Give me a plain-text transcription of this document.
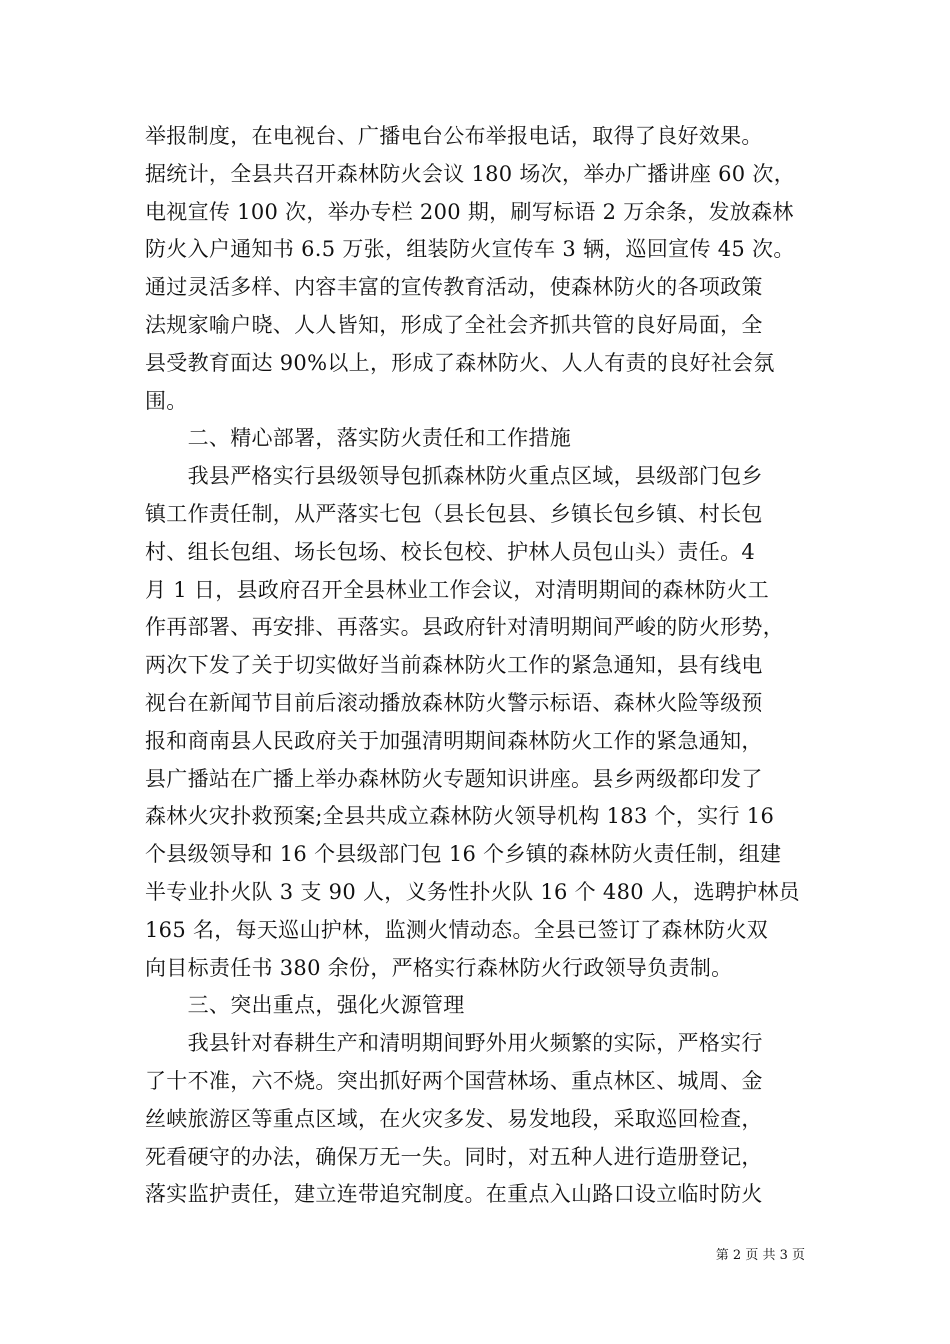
举报制度，在电视台、广播电台公布举报电话，取得了良好效果。
据统计，全县共召开森林防火会议 180 场次，举办广播讲座 60 次，
电视宣传 100 次，举办专栏 200 期，刷写标语 2 万余条，发放森林
防火入户通知书 6.5 万张，组装防火宣传车 3 辆，巡回宣传 45 次。
通过灵活多样、内容丰富的宣传教育活动，使森林防火的各项政策
法规家喻户晓、人人皆知，形成了全社会齐抓共管的良好局面，全
县受教育面达 90%以上，形成了森林防火、人人有责的良好社会氛
围。
　　二、精心部署，落实防火责任和工作措施
　　我县严格实行县级领导包抓森林防火重点区域，县级部门包乡
镇工作责任制，从严落实七包（县长包县、乡镇长包乡镇、村长包
村、组长包组、场长包场、校长包校、护林人员包山头）责任。4
月 1 日，县政府召开全县林业工作会议，对清明期间的森林防火工
作再部署、再安排、再落实。县政府针对清明期间严峻的防火形势，
两次下发了关于切实做好当前森林防火工作的紧急通知，县有线电
视台在新闻节目前后滚动播放森林防火警示标语、森林火险等级预
报和商南县人民政府关于加强清明期间森林防火工作的紧急通知，
县广播站在广播上举办森林防火专题知识讲座。县乡两级都印发了
森林火灾扑救预案;全县共成立森林防火领导机构 183 个，实行 16
个县级领导和 16 个县级部门包 16 个乡镇的森林防火责任制，组建
半专业扑火队 3 支 90 人，义务性扑火队 16 个 480 人，选聘护林员
165 名，每天巡山护林，监测火情动态。全县已签订了森林防火双
向目标责任书 380 余份，严格实行森林防火行政领导负责制。
　　三、突出重点，强化火源管理
　　我县针对春耕生产和清明期间野外用火频繁的实际，严格实行
了十不准，六不烧。突出抓好两个国营林场、重点林区、城周、金
丝峡旅游区等重点区域，在火灾多发、易发地段，采取巡回检查，
死看硬守的办法，确保万无一失。同时，对五种人进行造册登记，
落实监护责任，建立连带追究制度。在重点入山路口设立临时防火
第 2 页 共 3 页
